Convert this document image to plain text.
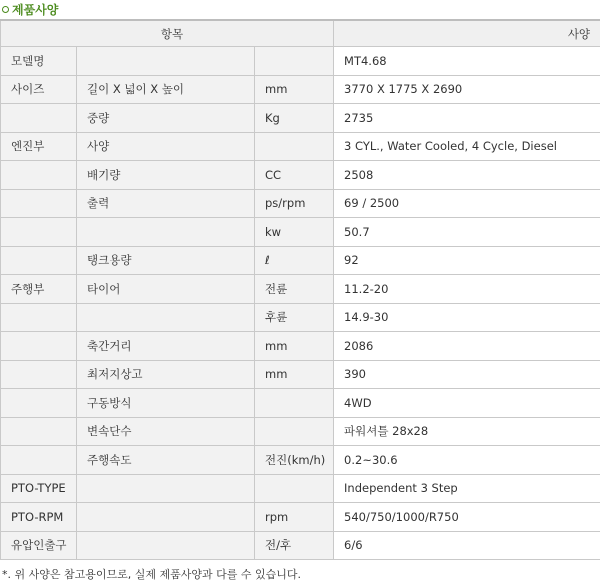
제품사양
항목			사양
모델명			MT4.68
사이즈	길이 X 넓이 X 높이	mm	3770 X 1775 X 2690
	중량	Kg	2735
엔진부	사양		3 CYL., Water Cooled, 4 Cycle, Diesel
	배기량	CC	2508
	출력	ps/rpm	69 / 2500
		kw	50.7
	탱크용량	ℓ	92
주행부	타이어	전륜	11.2-20
		후륜	14.9-30
	축간거리	mm	2086
	최저지상고	mm	390
	구동방식		4WD
	변속단수		파워셔틀 28x28
	주행속도	전진(km/h)	0.2~30.6
PTO-TYPE			Independent 3 Step
PTO-RPM		rpm	540/750/1000/R750
유압인출구		전/후	6/6
*. 위 사양은 참고용이므로, 실제 제품사양과 다를 수 있습니다.
